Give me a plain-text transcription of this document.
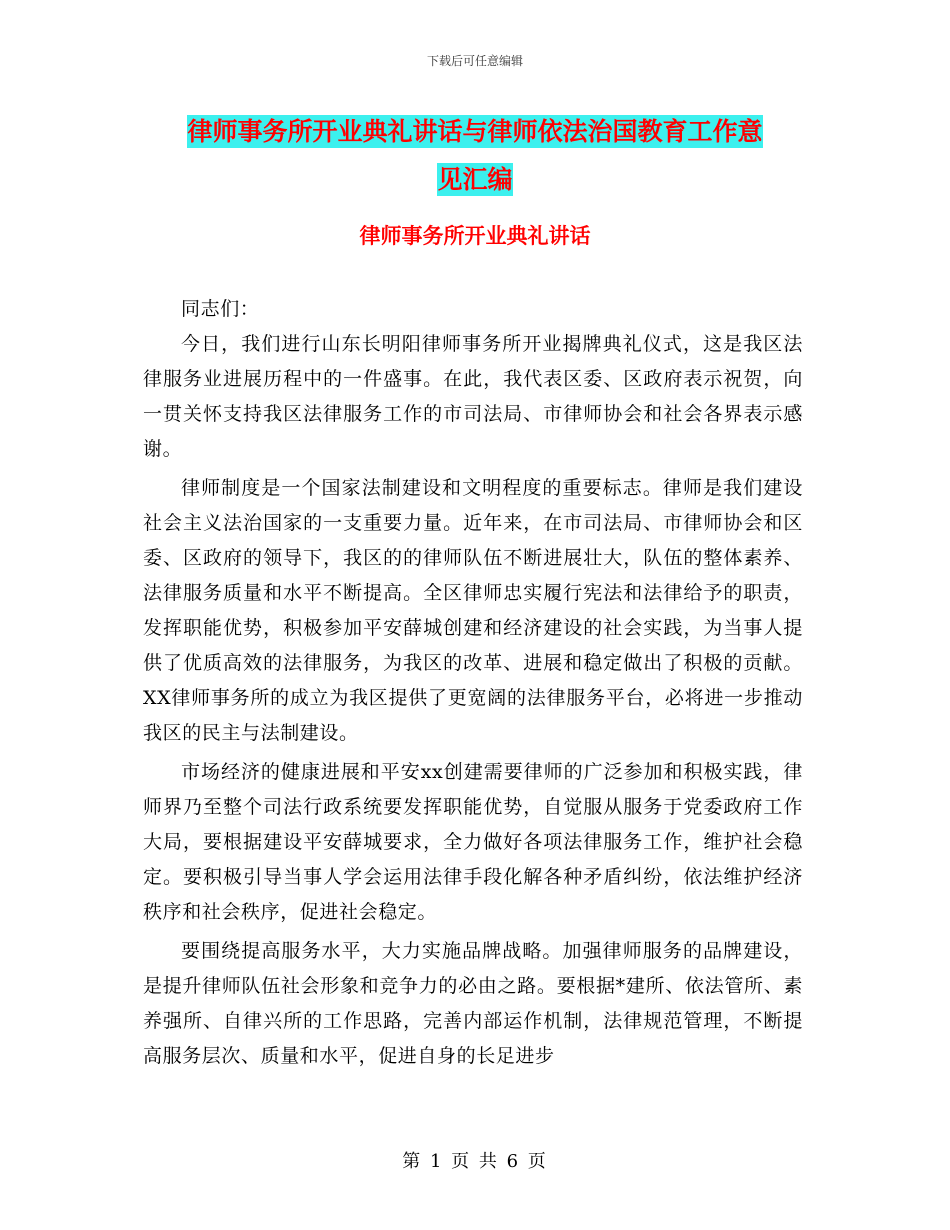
下载后可任意编辑
律师事务所开业典礼讲话与律师依法治国教育工作意
见汇编
律师事务所开业典礼讲话

同志们：

今日，我们进行山东长明阳律师事务所开业揭牌典礼仪式，这是我区法律服务业进展历程中的一件盛事。在此，我代表区委、区政府表示祝贺，向一贯关怀支持我区法律服务工作的市司法局、市律师协会和社会各界表示感谢。

律师制度是一个国家法制建设和文明程度的重要标志。律师是我们建设社会主义法治国家的一支重要力量。近年来，在市司法局、市律师协会和区委、区政府的领导下，我区的的律师队伍不断进展壮大，队伍的整体素养、法律服务质量和水平不断提高。全区律师忠实履行宪法和法律给予的职责，发挥职能优势，积极参加平安薛城创建和经济建设的社会实践，为当事人提供了优质高效的法律服务，为我区的改革、进展和稳定做出了积极的贡献。XX律师事务所的成立为我区提供了更宽阔的法律服务平台，必将进一步推动我区的民主与法制建设。

市场经济的健康进展和平安xx创建需要律师的广泛参加和积极实践，律师界乃至整个司法行政系统要发挥职能优势，自觉服从服务于党委政府工作大局，要根据建设平安薛城要求，全力做好各项法律服务工作，维护社会稳定。要积极引导当事人学会运用法律手段化解各种矛盾纠纷，依法维护经济秩序和社会秩序，促进社会稳定。

要围绕提高服务水平，大力实施品牌战略。加强律师服务的品牌建设，是提升律师队伍社会形象和竞争力的必由之路。要根据*建所、依法管所、素养强所、自律兴所的工作思路，完善内部运作机制，法律规范管理，不断提高服务层次、质量和水平，促进自身的长足进步

第 1 页 共 6 页
